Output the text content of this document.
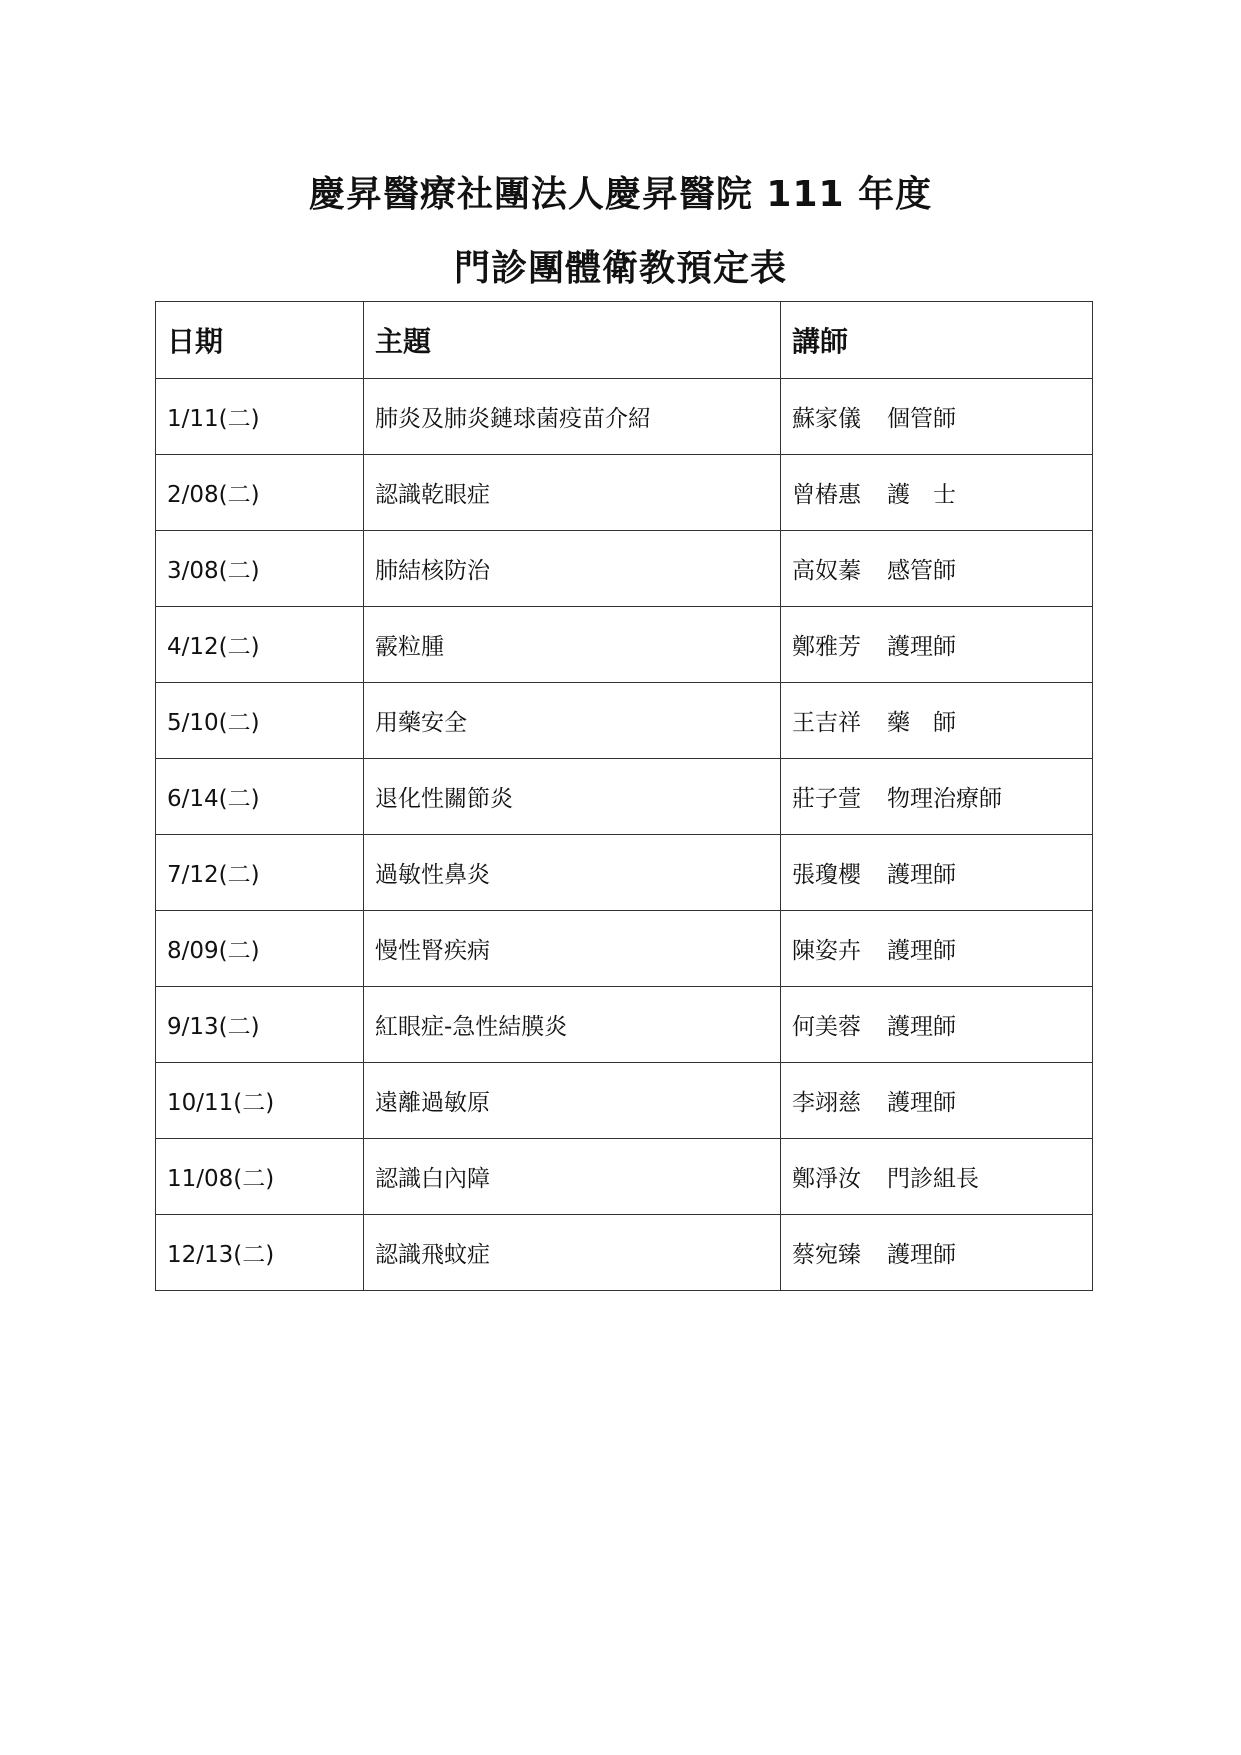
慶昇醫療社團法人慶昇醫院 111 年度
門診團體衛教預定表
日期	主題	講師
1/11(二)	肺炎及肺炎鏈球菌疫苗介紹	蘇家儀 個管師
2/08(二)	認識乾眼症	曾椿惠 護　士
3/08(二)	肺結核防治	高奴蓁 感管師
4/12(二)	霰粒腫	鄭雅芳 護理師
5/10(二)	用藥安全	王吉祥 藥　師
6/14(二)	退化性關節炎	莊子萱 物理治療師
7/12(二)	過敏性鼻炎	張瓊櫻 護理師
8/09(二)	慢性腎疾病	陳姿卉 護理師
9/13(二)	紅眼症-急性結膜炎	何美蓉 護理師
10/11(二)	遠離過敏原	李翊慈 護理師
11/08(二)	認識白內障	鄭淨汝 門診組長
12/13(二)	認識飛蚊症	蔡宛臻 護理師
